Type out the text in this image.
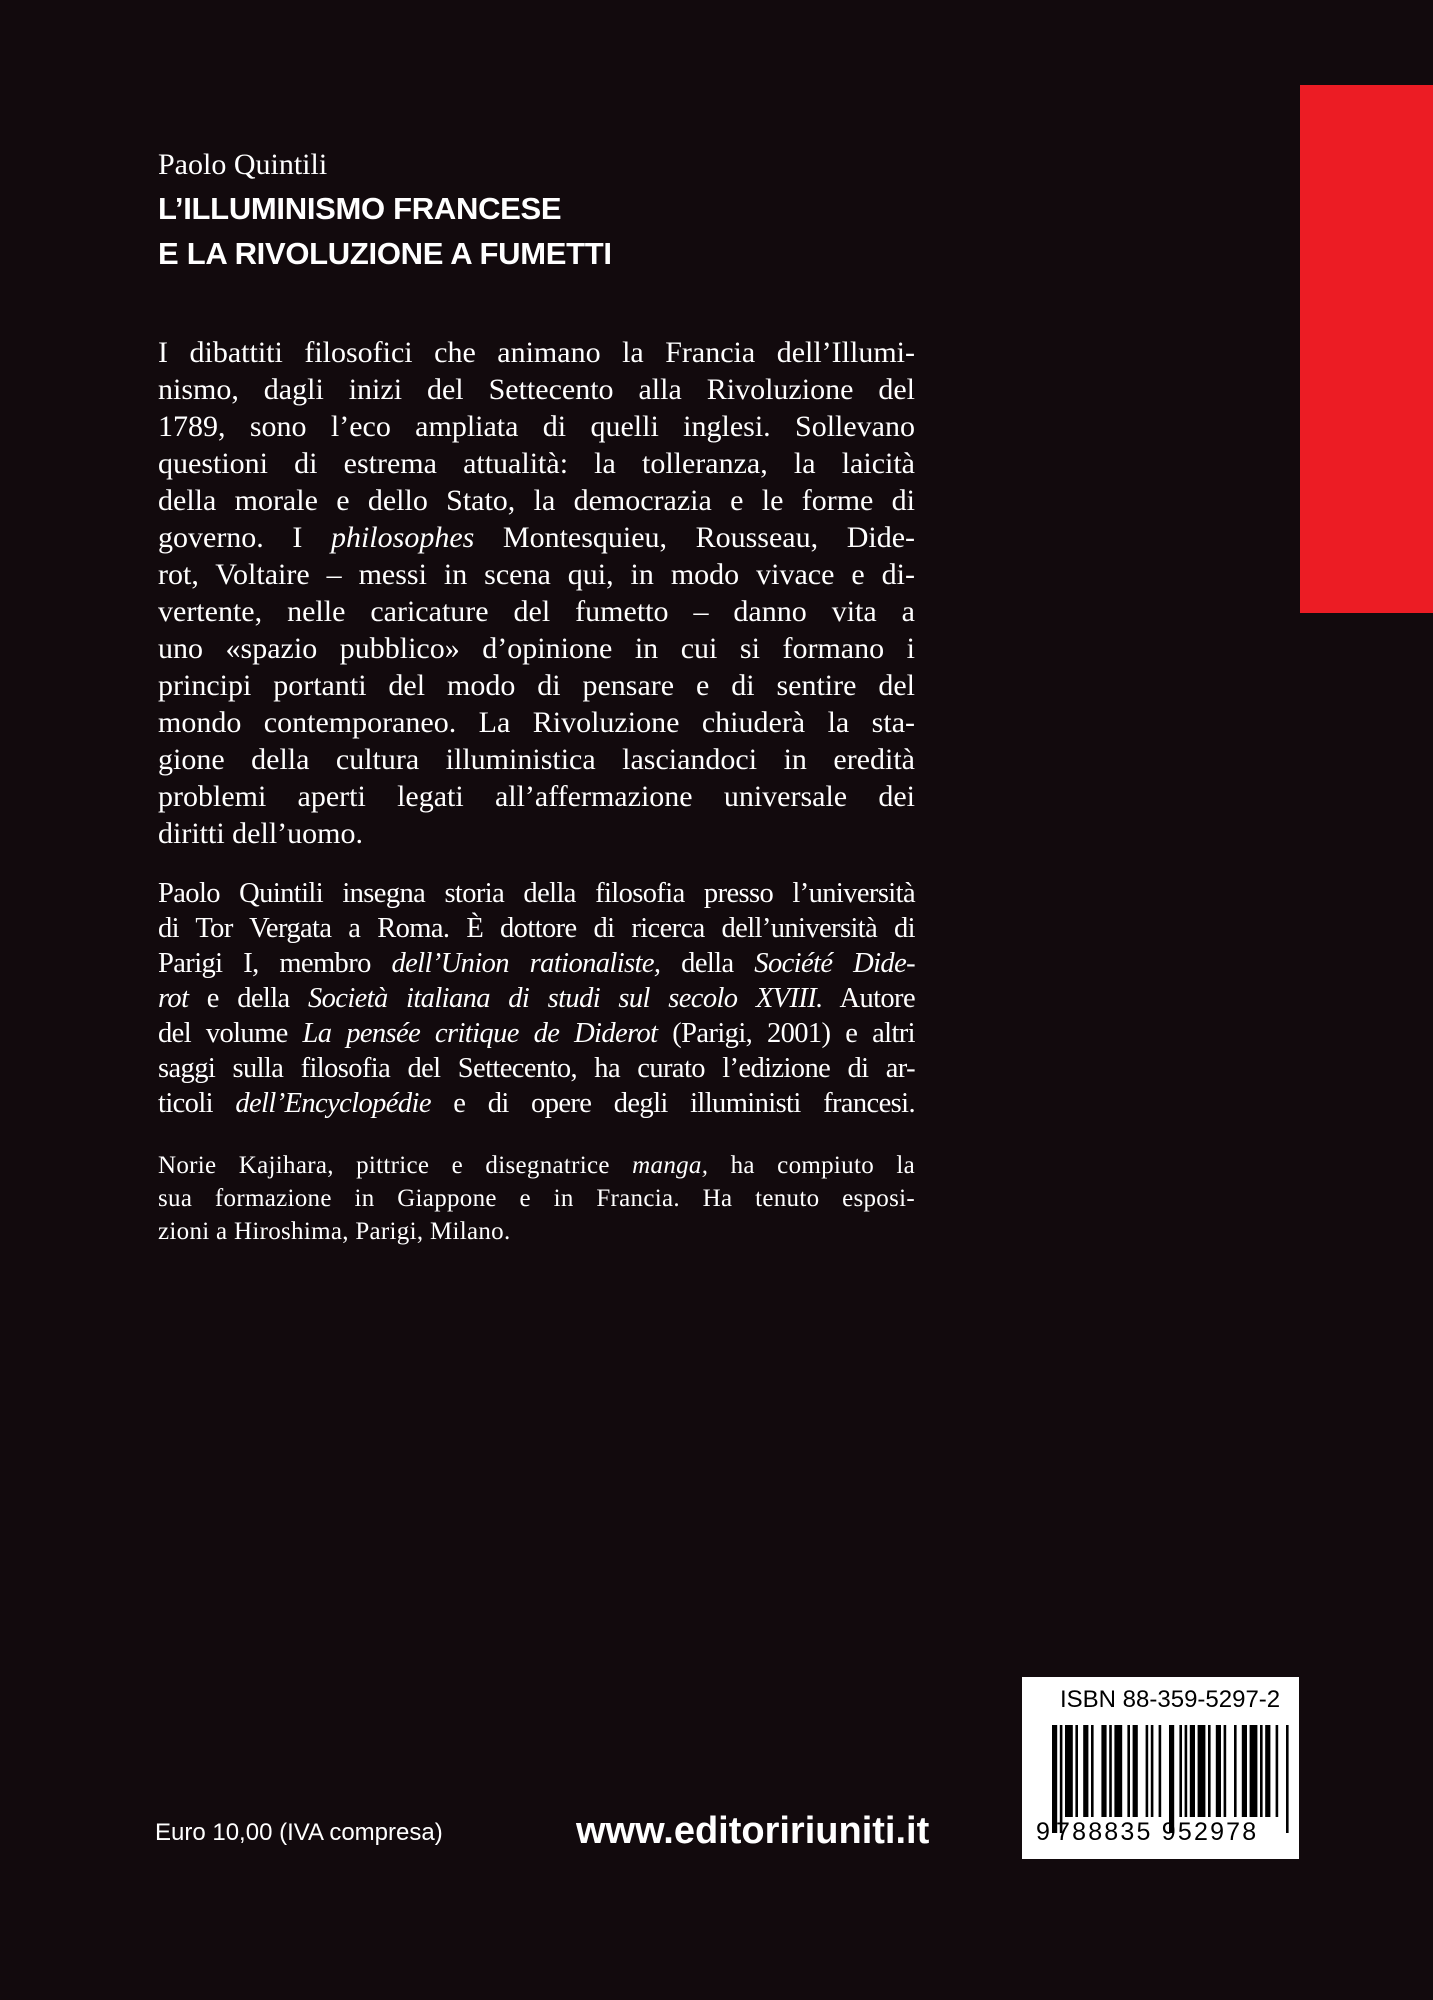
Paolo Quintili
L’ILLUMINISMO FRANCESE
E LA RIVOLUZIONE A FUMETTI
I dibattiti filosofici che animano la Francia dell’Illumi-
nismo, dagli inizi del Settecento alla Rivoluzione del
1789, sono l’eco ampliata di quelli inglesi. Sollevano
questioni di estrema attualità: la tolleranza, la laicità
della morale e dello Stato, la democrazia e le forme di
governo. I philosophes Montesquieu, Rousseau, Dide-
rot, Voltaire – messi in scena qui, in modo vivace e di-
vertente, nelle caricature del fumetto – danno vita a
uno «spazio pubblico» d’opinione in cui si formano i
principi portanti del modo di pensare e di sentire del
mondo contemporaneo. La Rivoluzione chiuderà la sta-
gione della cultura illuministica lasciandoci in eredità
problemi aperti legati all’affermazione universale dei
diritti dell’uomo.
Paolo Quintili insegna storia della filosofia presso l’università
di Tor Vergata a Roma. È dottore di ricerca dell’università di
Parigi I, membro dell’Union rationaliste, della Société Dide-
rot e della Società italiana di studi sul secolo XVIII. Autore
del volume La pensée critique de Diderot (Parigi, 2001) e altri
saggi sulla filosofia del Settecento, ha curato l’edizione di ar-
ticoli dell’Encyclopédie e di opere degli illuministi francesi.
Norie Kajihara, pittrice e disegnatrice manga, ha compiuto la
sua formazione in Giappone e in Francia. Ha tenuto esposi-
zioni a Hiroshima, Parigi, Milano.
Euro 10,00 (IVA compresa)	www.editoririuniti.it
ISBN 88-359-5297-2
9 788835 952978
